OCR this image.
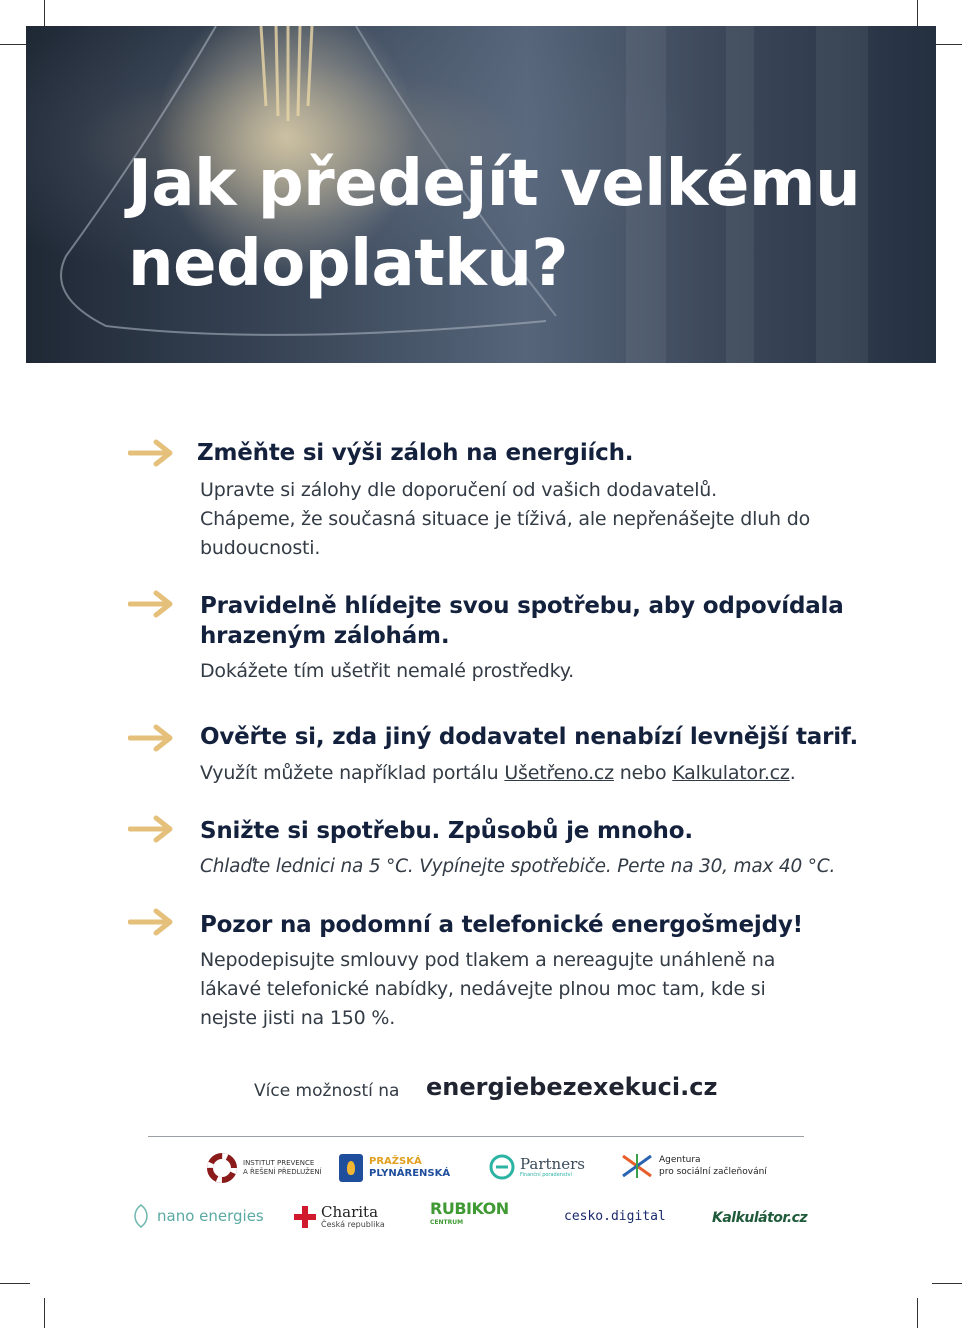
Jak předejít velkému
nedoplatku?
Změňte si výši záloh na energiích.

Upravte si zálohy dle doporučení od vašich dodavatelů.
Chápeme, že současná situace je tíživá, ale nepřenášejte dluh do
budoucnosti.

Pravidelně hlídejte svou spotřebu, aby odpovídala
hrazeným zálohám.

Dokážete tím ušetřit nemalé prostředky.

Ověřte si, zda jiný dodavatel nenabízí levnější tarif.

Využít můžete například portálu Ušetřeno.cz nebo Kalkulator.cz.

Snižte si spotřebu. Způsobů je mnoho.

Chlaďte lednici na 5 °C. Vypínejte spotřebiče. Perte na 30, max 40 °C.

Pozor na podomní a telefonické energošmejdy!

Nepodepisujte smlouvy pod tlakem a nereagujte unáhleně na
lákavé telefonické nabídky, nedávejte plnou moc tam, kde si
nejste jisti na 150 %.

Více možností na energiebezexekuci.cz
INSTITUT PREVENCE
A ŘEŠENÍ PŘEDLUŽENÍ
PRAŽSKÁ
PLYNÁRENSKÁ
Partners
Finanční poradenství
Agentura
pro sociální začleňování
nano energies	Charita
Česká republika
RUBIKON
CENTRUM	cesko.digital	Kalkulátor.cz
